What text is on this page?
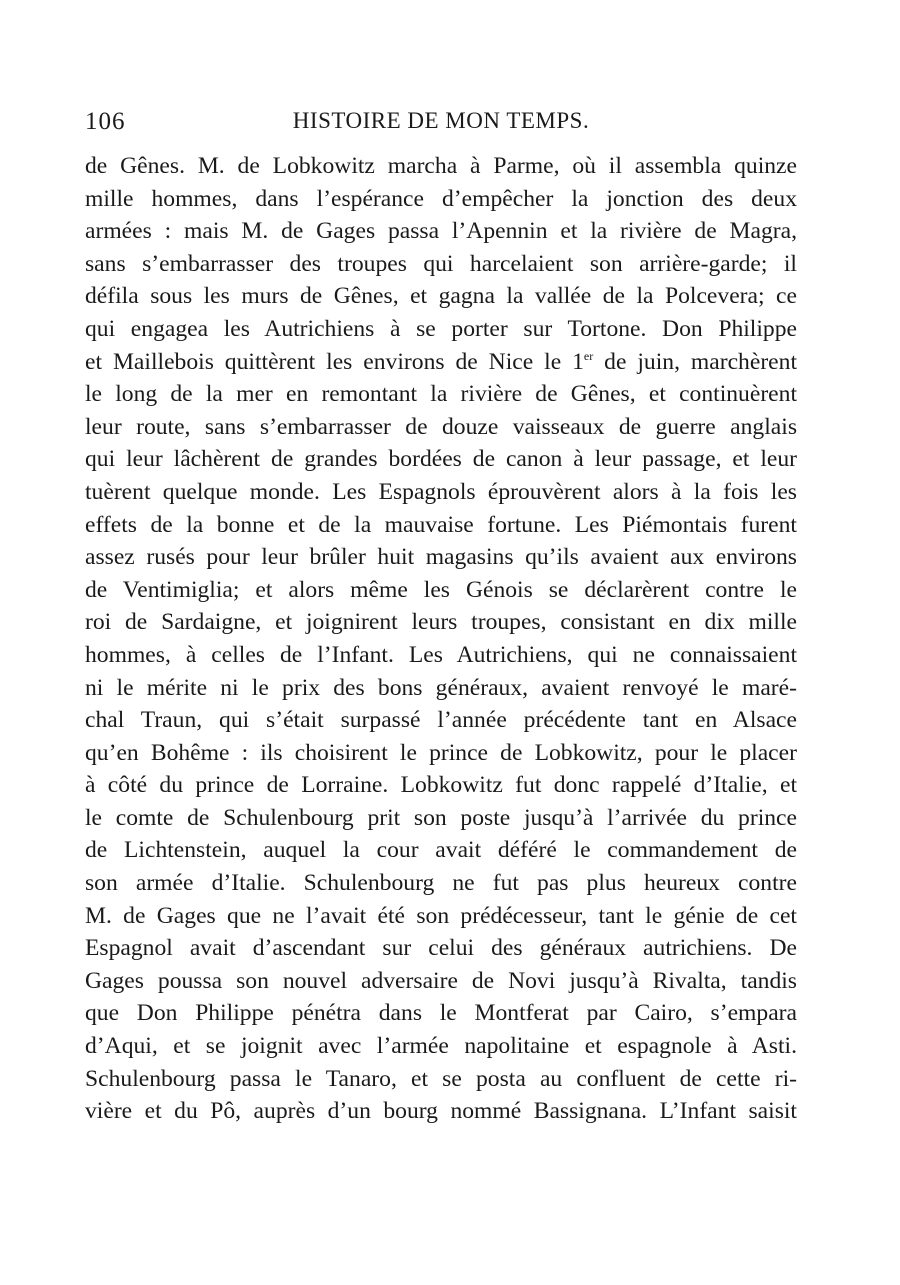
106	HISTOIRE DE MON TEMPS.
de Gênes. M. de Lobkowitz marcha à Parme, où il assembla quinze
mille hommes, dans l’espérance d’empêcher la jonction des deux
armées : mais M. de Gages passa l’Apennin et la rivière de Magra,
sans s’embarrasser des troupes qui harcelaient son arrière-garde; il
défila sous les murs de Gênes, et gagna la vallée de la Polcevera; ce
qui engagea les Autrichiens à se porter sur Tortone. Don Philippe
et Maillebois quittèrent les environs de Nice le 1er de juin, marchèrent
le long de la mer en remontant la rivière de Gênes, et continuèrent
leur route, sans s’embarrasser de douze vaisseaux de guerre anglais
qui leur lâchèrent de grandes bordées de canon à leur passage, et leur
tuèrent quelque monde. Les Espagnols éprouvèrent alors à la fois les
effets de la bonne et de la mauvaise fortune. Les Piémontais furent
assez rusés pour leur brûler huit magasins qu’ils avaient aux environs
de Ventimiglia; et alors même les Génois se déclarèrent contre le
roi de Sardaigne, et joignirent leurs troupes, consistant en dix mille
hommes, à celles de l’Infant. Les Autrichiens, qui ne connaissaient
ni le mérite ni le prix des bons généraux, avaient renvoyé le maré-
chal Traun, qui s’était surpassé l’année précédente tant en Alsace
qu’en Bohême : ils choisirent le prince de Lobkowitz, pour le placer
à côté du prince de Lorraine. Lobkowitz fut donc rappelé d’Italie, et
le comte de Schulenbourg prit son poste jusqu’à l’arrivée du prince
de Lichtenstein, auquel la cour avait déféré le commandement de
son armée d’Italie. Schulenbourg ne fut pas plus heureux contre
M. de Gages que ne l’avait été son prédécesseur, tant le génie de cet
Espagnol avait d’ascendant sur celui des généraux autrichiens. De
Gages poussa son nouvel adversaire de Novi jusqu’à Rivalta, tandis
que Don Philippe pénétra dans le Montferat par Cairo, s’empara
d’Aqui, et se joignit avec l’armée napolitaine et espagnole à Asti.
Schulenbourg passa le Tanaro, et se posta au confluent de cette ri-
vière et du Pô, auprès d’un bourg nommé Bassignana. L’Infant saisit
